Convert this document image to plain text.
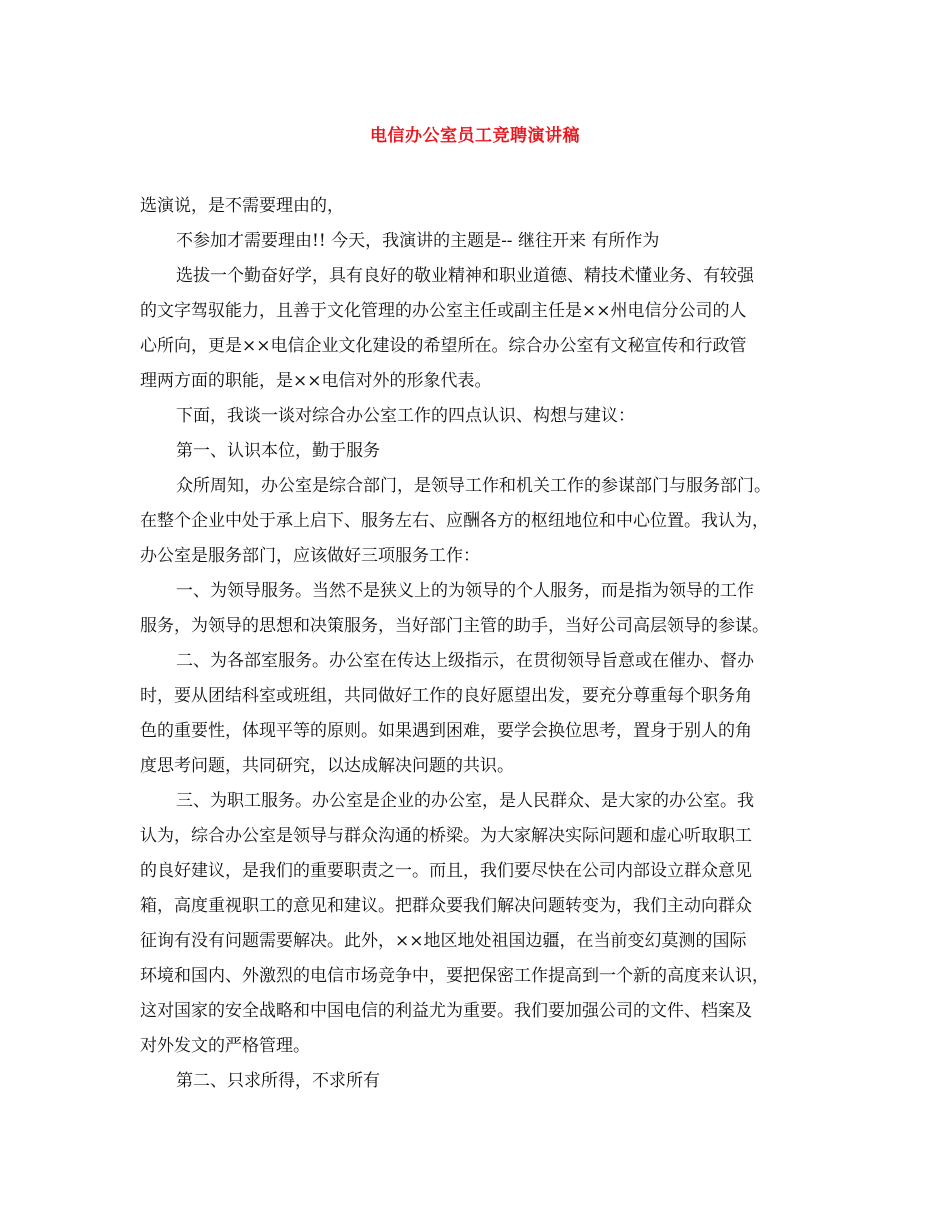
电信办公室员工竞聘演讲稿
选演说，是不需要理由的，
不参加才需要理由!! 今天，我演讲的主题是-- 继往开来 有所作为
选拔一个勤奋好学，具有良好的敬业精神和职业道德、精技术懂业务、有较强
的文字驾驭能力，且善于文化管理的办公室主任或副主任是××州电信分公司的人
心所向，更是××电信企业文化建设的希望所在。综合办公室有文秘宣传和行政管
理两方面的职能，是××电信对外的形象代表。
下面，我谈一谈对综合办公室工作的四点认识、构想与建议：
第一、认识本位，勤于服务
众所周知，办公室是综合部门，是领导工作和机关工作的参谋部门与服务部门。
在整个企业中处于承上启下、服务左右、应酬各方的枢纽地位和中心位置。我认为，
办公室是服务部门，应该做好三项服务工作：
一、为领导服务。当然不是狭义上的为领导的个人服务，而是指为领导的工作
服务，为领导的思想和决策服务，当好部门主管的助手，当好公司高层领导的参谋。
二、为各部室服务。办公室在传达上级指示，在贯彻领导旨意或在催办、督办
时，要从团结科室或班组，共同做好工作的良好愿望出发，要充分尊重每个职务角
色的重要性，体现平等的原则。如果遇到困难，要学会换位思考，置身于别人的角
度思考问题，共同研究，以达成解决问题的共识。
三、为职工服务。办公室是企业的办公室，是人民群众、是大家的办公室。我
认为，综合办公室是领导与群众沟通的桥梁。为大家解决实际问题和虚心听取职工
的良好建议，是我们的重要职责之一。而且，我们要尽快在公司内部设立群众意见
箱，高度重视职工的意见和建议。把群众要我们解决问题转变为，我们主动向群众
征询有没有问题需要解决。此外，××地区地处祖国边疆，在当前变幻莫测的国际
环境和国内、外激烈的电信市场竞争中，要把保密工作提高到一个新的高度来认识，
这对国家的安全战略和中国电信的利益尤为重要。我们要加强公司的文件、档案及
对外发文的严格管理。
第二、只求所得，不求所有
